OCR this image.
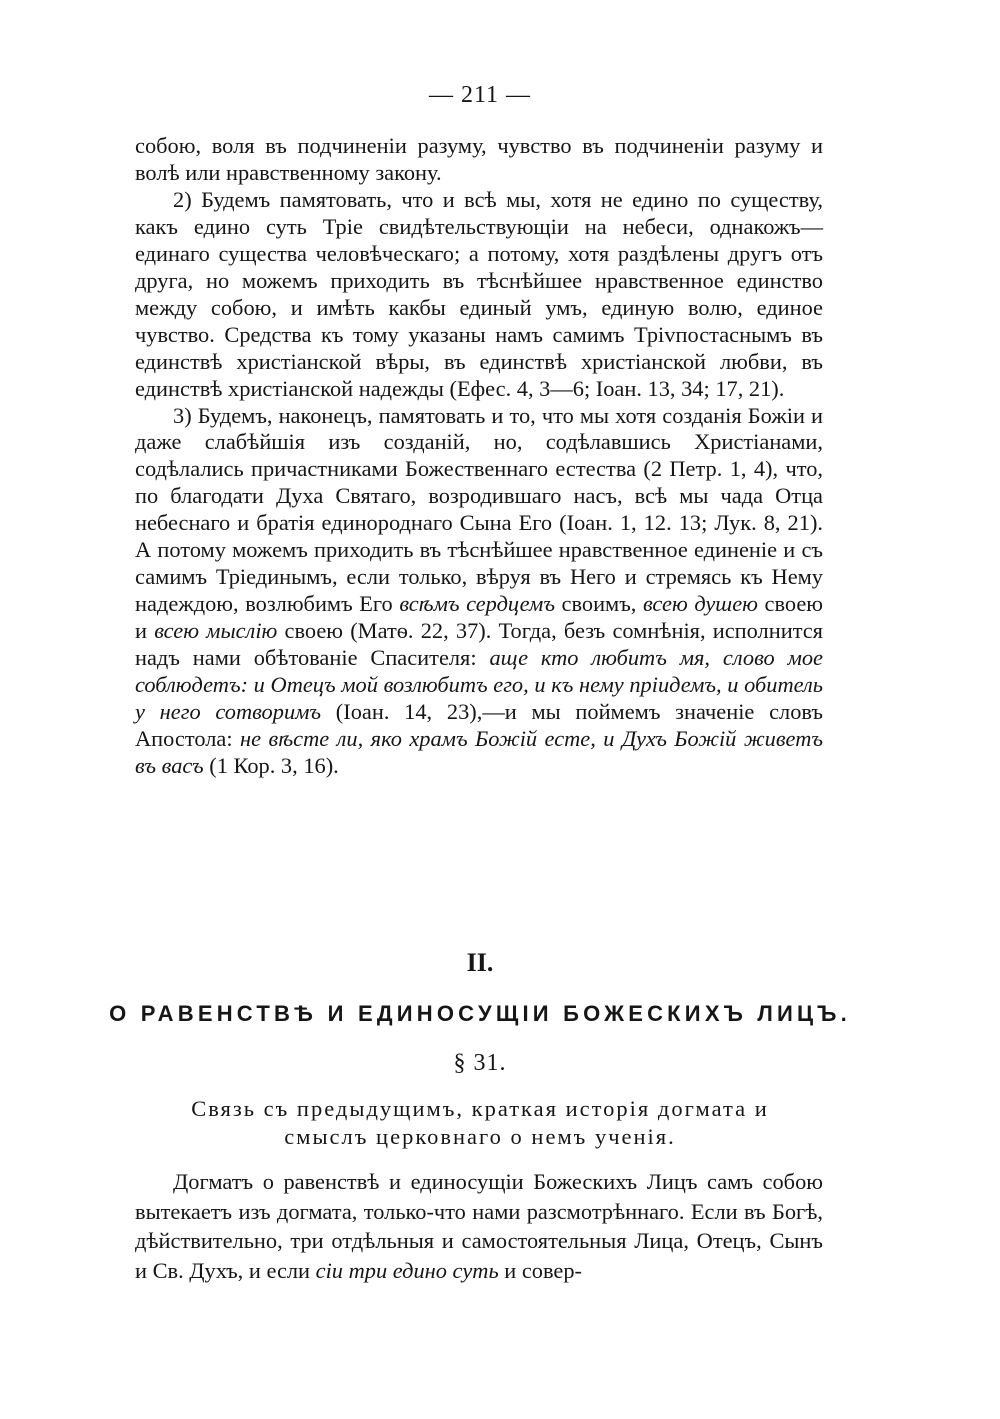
— 211 —

собою, воля въ подчиненіи разуму, чувство въ подчиненіи разуму и волѣ или нравственному закону.

2) Будемъ памятовать, что и всѣ мы, хотя не едино по существу, какъ едино суть Тріе свидѣтельствующіи на небеси, однакожъ—единаго существа человѣческаго; а потому, хотя раздѣлены другъ отъ друга, но можемъ приходить въ тѣснѣйшее нравственное единство между собою, и имѣть какбы единый умъ, единую волю, единое чувство. Средства къ тому указаны намъ самимъ Тріvпостаснымъ въ единствѣ христіанской вѣры, въ единствѣ христіанской любви, въ единствѣ христіанской надежды (Ефес. 4, 3—6; Іоан. 13, 34; 17, 21).

3) Будемъ, наконецъ, памятовать и то, что мы хотя созданія Божіи и даже слабѣйшія изъ созданій, но, содѣлавшись Христіанами, содѣлались причастниками Божественнаго естества (2 Петр. 1, 4), что, по благодати Духа Святаго, возродившаго насъ, всѣ мы чада Отца небеснаго и братія единороднаго Сына Его (Іоан. 1, 12. 13; Лук. 8, 21). А потому можемъ приходить въ тѣснѣйшее нравственное единеніе и съ самимъ Тріединымъ, если только, вѣруя въ Него и стремясь къ Нему надеждою, возлюбимъ Его всѣмъ сердцемъ своимъ, всею душею своею и всею мыслію своею (Матѳ. 22, 37). Тогда, безъ сомнѣнія, исполнится надъ нами обѣтованіе Спасителя: аще кто любитъ мя, слово мое соблюдетъ: и Отецъ мой возлюбитъ его, и къ нему пріидемъ, и обитель у него сотворимъ (Іоан. 14, 23),—и мы поймемъ значеніе словъ Апостола: не вѣсте ли, яко храмъ Божій есте, и Духъ Божій живетъ въ васъ (1 Кор. 3, 16).

II.
О РАВЕНСТВѢ И ЕДИНОСУЩІИ БОЖЕСКИХЪ ЛИЦЪ.
§ 31.
Связь съ предыдущимъ, краткая исторія догмата и
смыслъ церковнаго о немъ ученія.

Догматъ о равенствѣ и единосущіи Божескихъ Лицъ самъ собою вытекаетъ изъ догмата, только-что нами разсмотрѣннаго. Если въ Богѣ, дѣйствительно, три отдѣльныя и самостоятельныя Лица, Отецъ, Сынъ и Св. Духъ, и если сіи три едино суть и совер-
